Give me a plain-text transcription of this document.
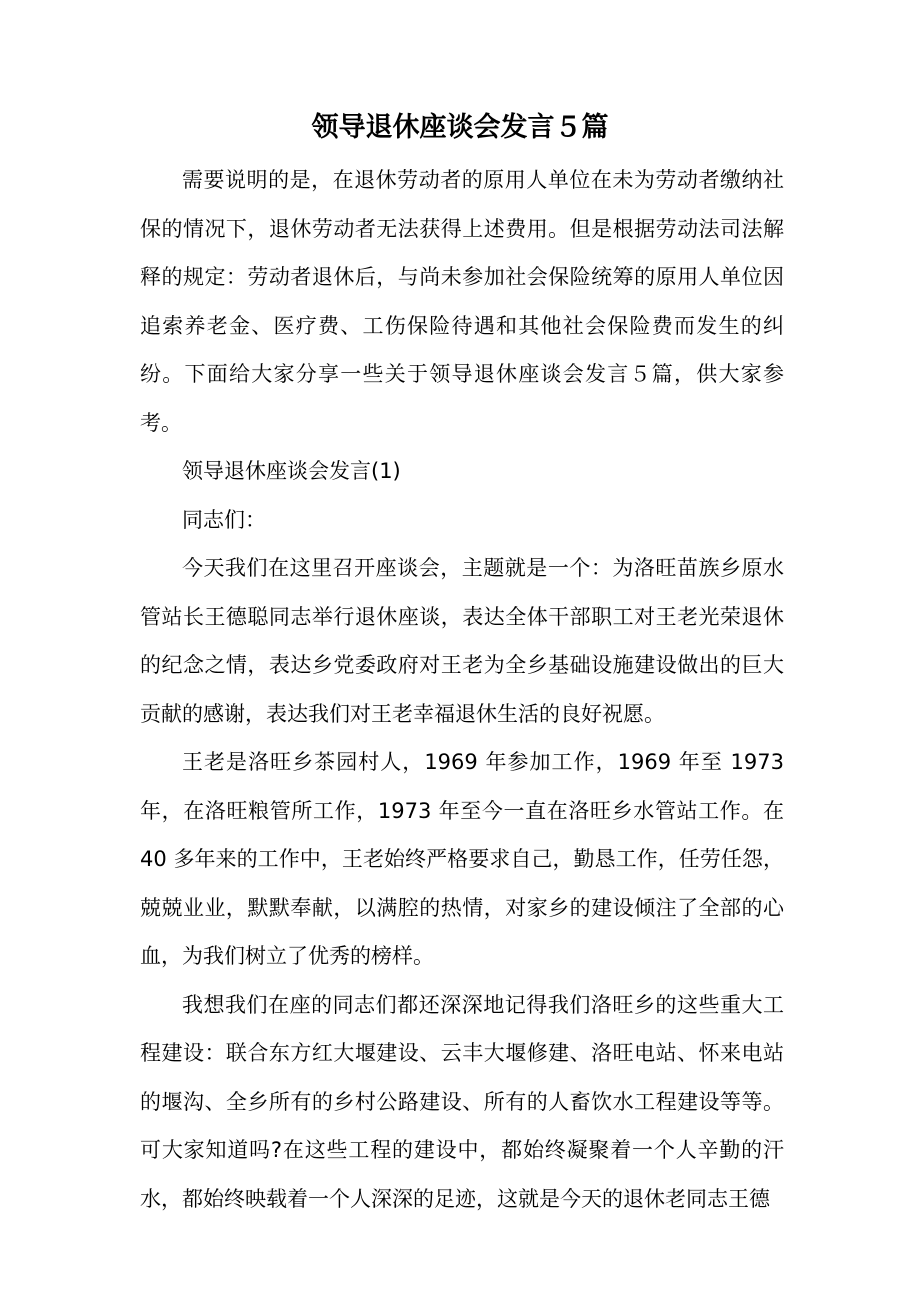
领导退休座谈会发言５篇

需要说明的是，在退休劳动者的原用人单位在未为劳动者缴纳社保的情况下，退休劳动者无法获得上述费用。但是根据劳动法司法解释的规定：劳动者退休后，与尚未参加社会保险统筹的原用人单位因追索养老金、医疗费、工伤保险待遇和其他社会保险费而发生的纠纷。下面给大家分享一些关于领导退休座谈会发言５篇，供大家参考。

领导退休座谈会发言(1)

同志们：

今天我们在这里召开座谈会，主题就是一个：为洛旺苗族乡原水管站长王德聪同志举行退休座谈，表达全体干部职工对王老光荣退休的纪念之情，表达乡党委政府对王老为全乡基础设施建设做出的巨大贡献的感谢，表达我们对王老幸福退休生活的良好祝愿。

王老是洛旺乡茶园村人，1969 年参加工作，1969 年至 1973 年，在洛旺粮管所工作，1973 年至今一直在洛旺乡水管站工作。在 40 多年来的工作中，王老始终严格要求自己，勤恳工作，任劳任怨，兢兢业业，默默奉献，以满腔的热情，对家乡的建设倾注了全部的心血，为我们树立了优秀的榜样。

我想我们在座的同志们都还深深地记得我们洛旺乡的这些重大工程建设：联合东方红大堰建设、云丰大堰修建、洛旺电站、怀来电站的堰沟、全乡所有的乡村公路建设、所有的人畜饮水工程建设等等。可大家知道吗?在这些工程的建设中，都始终凝聚着一个人辛勤的汗水，都始终映载着一个人深深的足迹，这就是今天的退休老同志王德
